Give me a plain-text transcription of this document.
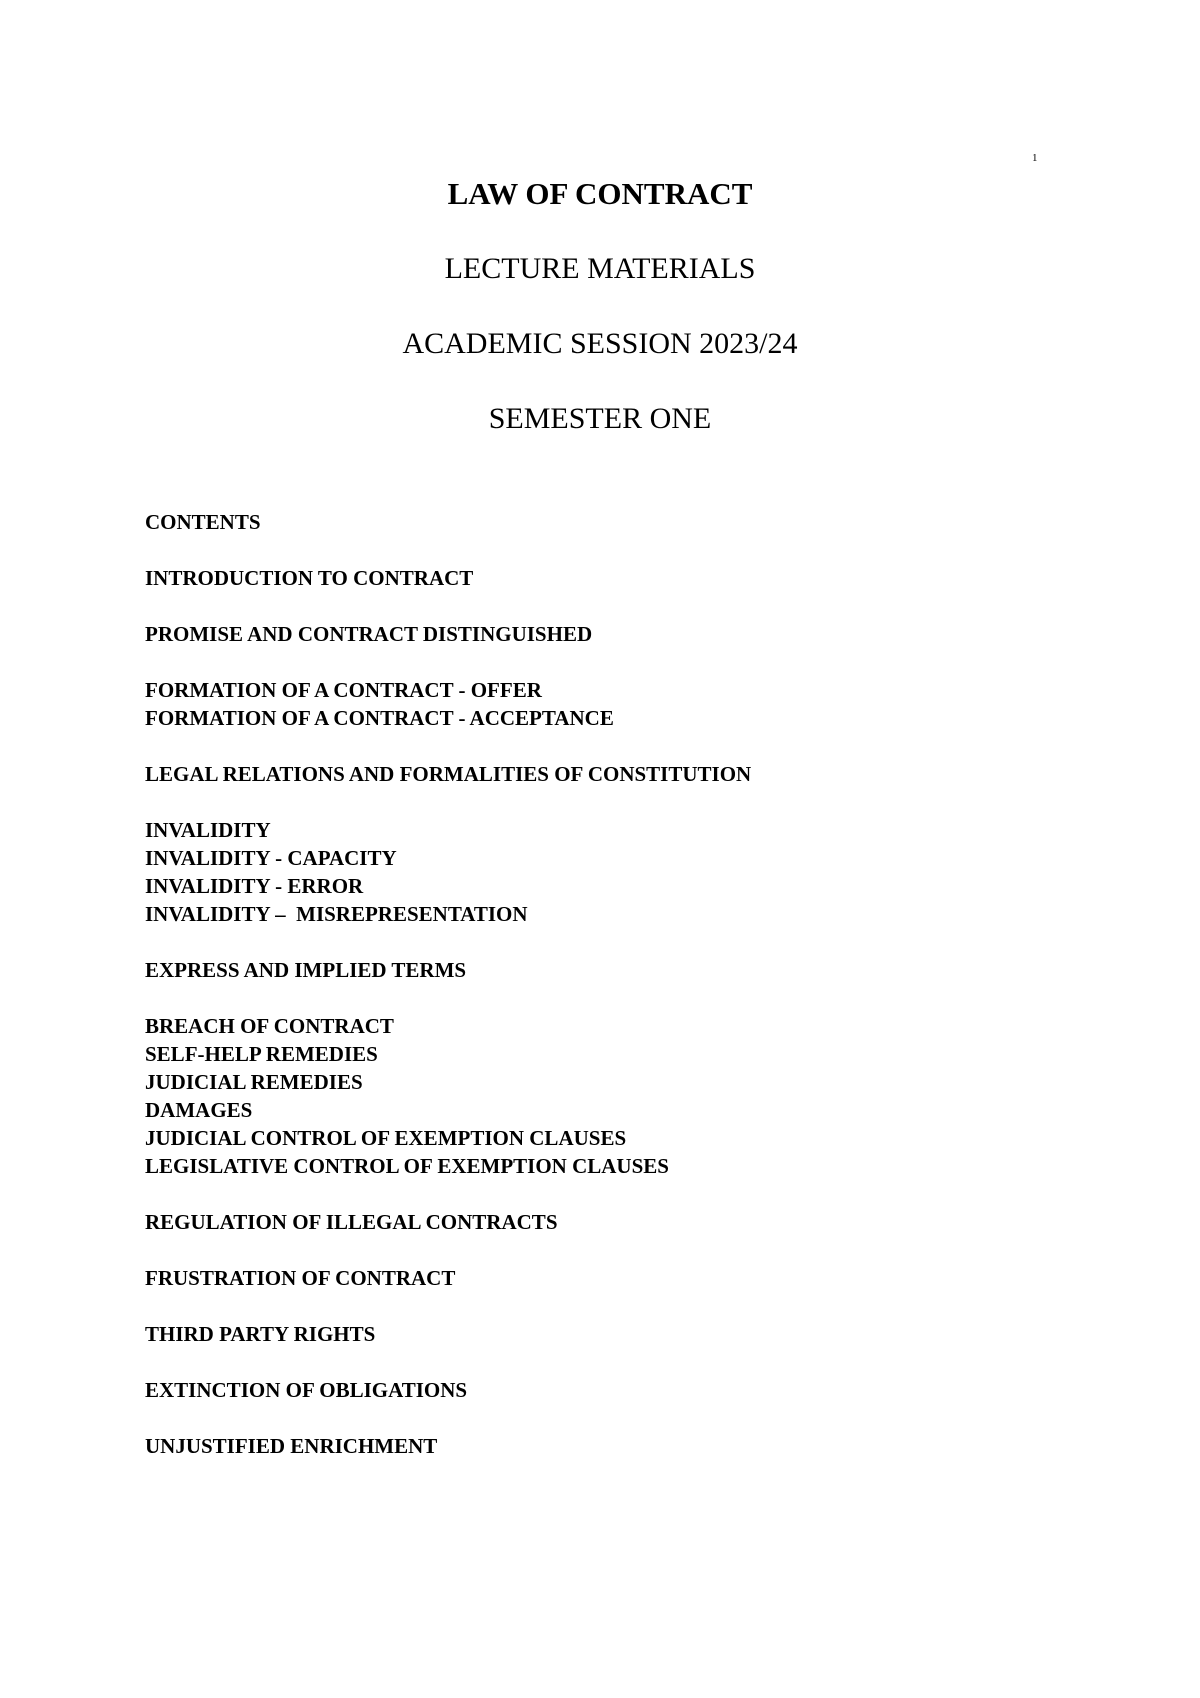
1

LAW OF CONTRACT

LECTURE MATERIALS

ACADEMIC SESSION 2023/24

SEMESTER ONE

CONTENTS

INTRODUCTION TO CONTRACT

PROMISE AND CONTRACT DISTINGUISHED

FORMATION OF A CONTRACT - OFFER

FORMATION OF A CONTRACT - ACCEPTANCE

LEGAL RELATIONS AND FORMALITIES OF CONSTITUTION

INVALIDITY

INVALIDITY - CAPACITY

INVALIDITY - ERROR

INVALIDITY –  MISREPRESENTATION

EXPRESS AND IMPLIED TERMS

BREACH OF CONTRACT

SELF-HELP REMEDIES

JUDICIAL REMEDIES

DAMAGES

JUDICIAL CONTROL OF EXEMPTION CLAUSES

LEGISLATIVE CONTROL OF EXEMPTION CLAUSES

REGULATION OF ILLEGAL CONTRACTS

FRUSTRATION OF CONTRACT

THIRD PARTY RIGHTS

EXTINCTION OF OBLIGATIONS

UNJUSTIFIED ENRICHMENT
